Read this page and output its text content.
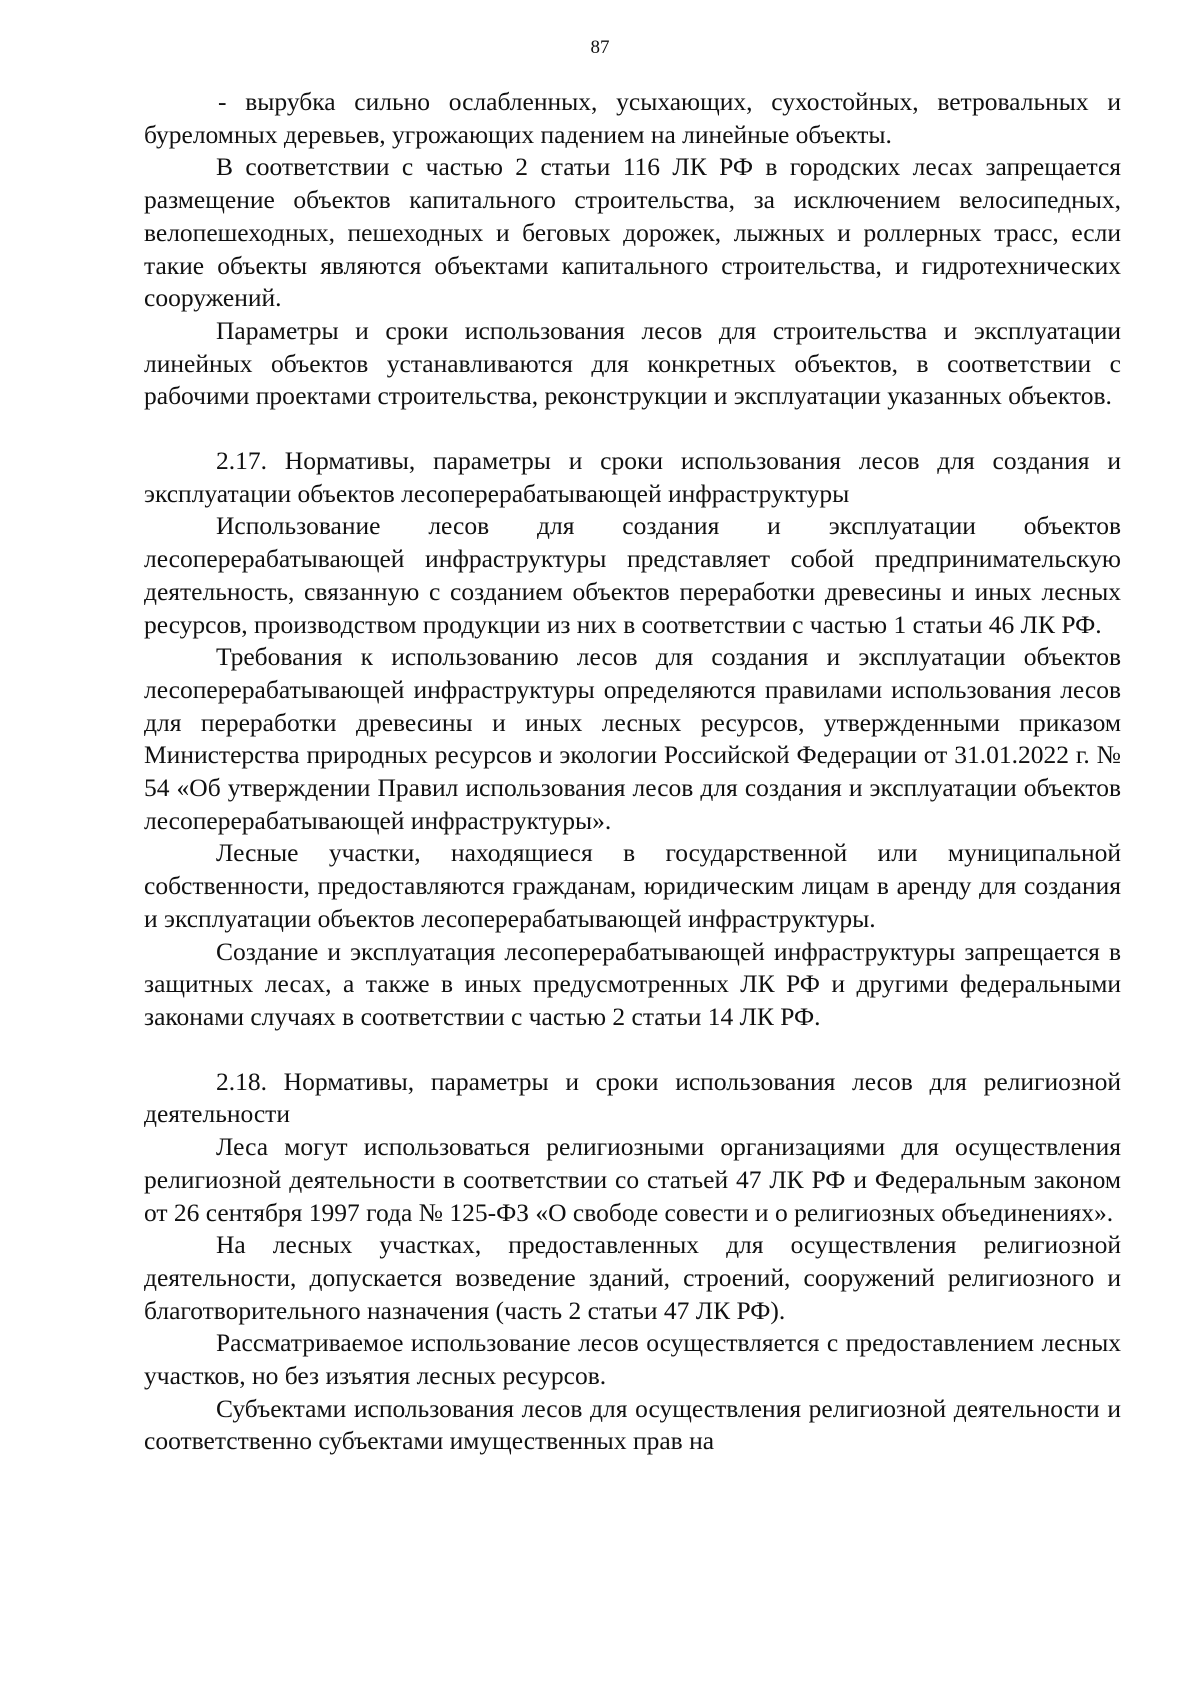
87

- вырубка сильно ослабленных, усыхающих, сухостойных, ветровальных и буреломных деревьев, угрожающих падением на линейные объекты.

В соответствии с частью 2 статьи 116 ЛК РФ в городских лесах запрещается размещение объектов капитального строительства, за исключением велосипедных, велопешеходных, пешеходных и беговых дорожек, лыжных и роллерных трасс, если такие объекты являются объектами капитального строительства, и гидротехнических сооружений.

Параметры и сроки использования лесов для строительства и эксплуатации линейных объектов устанавливаются для конкретных объектов, в соответствии с рабочими проектами строительства, реконструкции и эксплуатации указанных объектов.

2.17. Нормативы, параметры и сроки использования лесов для создания и эксплуатации объектов лесоперерабатывающей инфраструктуры

Использование лесов для создания и эксплуатации объектов лесоперерабатывающей инфраструктуры представляет собой предпринимательскую деятельность, связанную с созданием объектов переработки древесины и иных лесных ресурсов, производством продукции из них в соответствии с частью 1 статьи 46 ЛК РФ.

Требования к использованию лесов для создания и эксплуатации объектов лесоперерабатывающей инфраструктуры определяются правилами использования лесов для переработки древесины и иных лесных ресурсов, утвержденными приказом Министерства природных ресурсов и экологии Российской Федерации от 31.01.2022 г. № 54 «Об утверждении Правил использования лесов для создания и эксплуатации объектов лесоперерабатывающей инфраструктуры».

Лесные участки, находящиеся в государственной или муниципальной собственности, предоставляются гражданам, юридическим лицам в аренду для создания и эксплуатации объектов лесоперерабатывающей инфраструктуры.

Создание и эксплуатация лесоперерабатывающей инфраструктуры запрещается в защитных лесах, а также в иных предусмотренных ЛК РФ и другими федеральными законами случаях в соответствии с частью 2 статьи 14 ЛК РФ.

2.18. Нормативы, параметры и сроки использования лесов для религиозной деятельности

Леса могут использоваться религиозными организациями для осуществления религиозной деятельности в соответствии со статьей 47 ЛК РФ и Федеральным законом от 26 сентября 1997 года № 125-ФЗ «О свободе совести и о религиозных объединениях».

На лесных участках, предоставленных для осуществления религиозной деятельности, допускается возведение зданий, строений, сооружений религиозного и благотворительного назначения (часть 2 статьи 47 ЛК РФ).

Рассматриваемое использование лесов осуществляется с предоставлением лесных участков, но без изъятия лесных ресурсов.

Субъектами использования лесов для осуществления религиозной деятельности и соответственно субъектами имущественных прав на
